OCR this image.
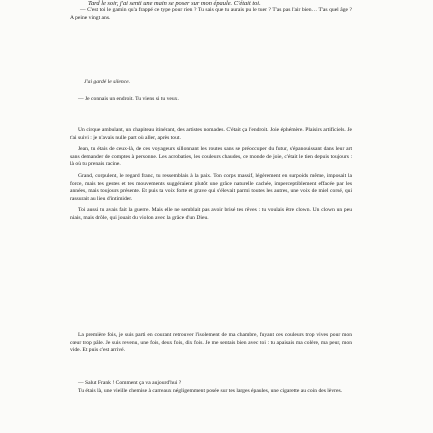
Tard le soir, j'ai senti une main se poser sur mon épaule. C'était toi.

— C'est toi le gamin qu'a frappé ce type pour rien ? Tu sais que tu aurais pu le tuer ? T'as pas l'air bien… T'as quel âge ? A peine vingt ans.

J'ai gardé le silence.
— Je connais un endroit. Tu viens si tu veux.

Un cirque ambulant, un chapiteau itinérant, des artistes nomades. C'était ça l'endroit. Joie éphémère. Plaisirs artificiels. Je t'ai suivi : je n'avais nulle part où aller, après tout.

Jean, tu étais de ceux-là, de ces voyageurs sillonnant les routes sans se préoccuper du futur, s'épanouissant dans leur art sans demander de comptes à personne. Les acrobaties, les couleurs chaudes, ce monde de joie, c'était le tien depuis toujours : là où tu prenais racine.

Grand, corpulent, le regard franc, tu ressemblais à la paix. Ton corps massif, légèrement en surpoids même, imposait la force, mais tes gestes et tes mouvements suggéraient plutôt une grâce naturelle cachée, imperceptiblement effacée par les années, mais toujours présente. Et puis ta voix forte et grave qui s'élevait parmi toutes les autres, une voix de miel corsé, qui rassurait au lieu d'intimider.

Toi aussi tu avais fait la guerre. Mais elle ne semblait pas avoir brisé tes rêves : tu voulais être clown. Un clown un peu niais, mais drôle, qui jouait du violon avec la grâce d'un Dieu.

La première fois, je suis parti en courant retrouver l'isolement de ma chambre, fuyant ces couleurs trop vives pour mon cœur trop pâle. Je suis revenu, une fois, deux fois, dix fois. Je me sentais bien avec toi : tu apaisais ma colère, ma peur, mon vide. Et puis c'est arrivé.

— Salut Frank ! Comment ça va aujourd'hui ?

Tu étais là, une vieille chemise à carreaux négligemment posée sur tes larges épaules, une cigarette au coin des lèvres.
